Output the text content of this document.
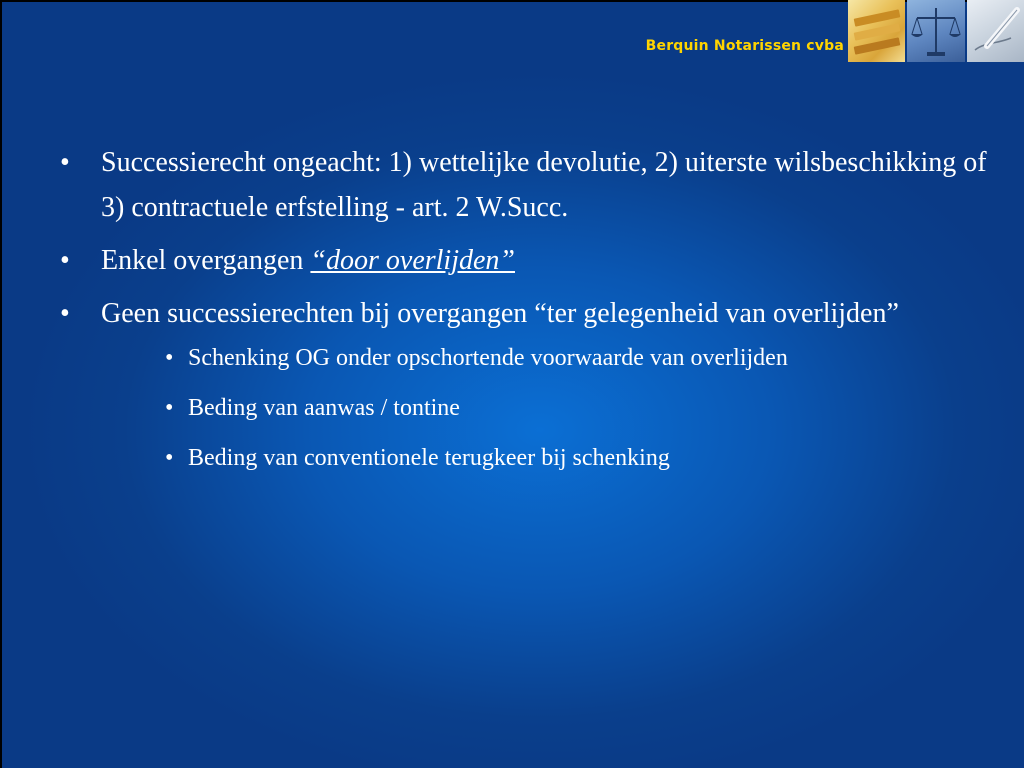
Berquin Notarissen cvba
• Successierecht ongeacht: 1) wettelijke devolutie, 2) uiterste wilsbeschikking of 3) contractuele erfstelling - art. 2 W.Succ.
• Enkel overgangen “door overlijden”
• Geen successierechten bij overgangen “ter gelegenheid van overlijden”
• Schenking OG onder opschortende voorwaarde van overlijden
• Beding van aanwas / tontine
• Beding van conventionele terugkeer bij schenking
